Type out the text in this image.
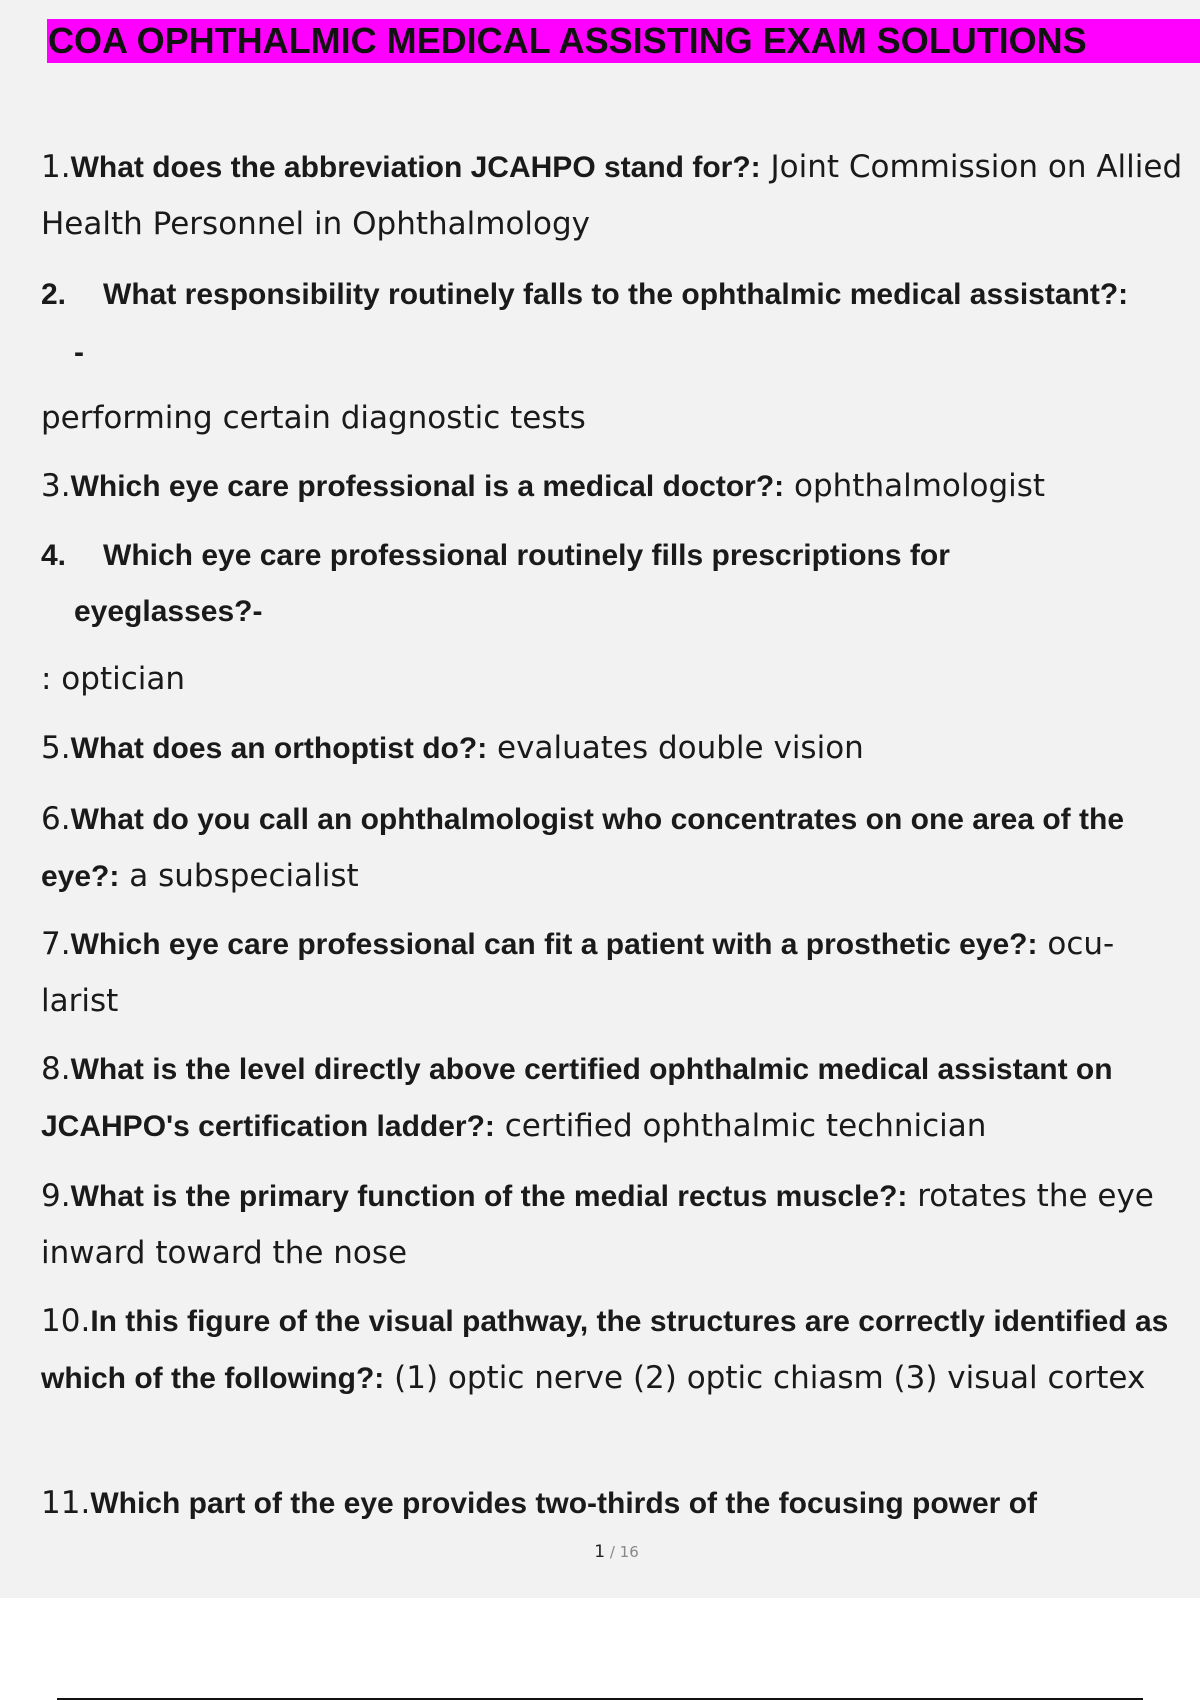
COA OPHTHALMIC MEDICAL ASSISTING EXAM SOLUTIONS

1.What does the abbreviation JCAHPO stand for?: Joint Commission on Allied Health Personnel in Ophthalmology

2. What responsibility routinely falls to the ophthalmic medical assistant?:

-
performing certain diagnostic tests

3.Which eye care professional is a medical doctor?: ophthalmologist

4. Which eye care professional routinely fills prescriptions for

eyeglasses?-
: optician

5.What does an orthoptist do?: evaluates double vision

6.What do you call an ophthalmologist who concentrates on one area of the eye?: a subspecialist

7.Which eye care professional can fit a patient with a prosthetic eye?: ocu- larist

8.What is the level directly above certified ophthalmic medical assistant on JCAHPO's certification ladder?: certified ophthalmic technician

9.What is the primary function of the medial rectus muscle?: rotates the eye inward toward the nose

10.In this figure of the visual pathway, the structures are correctly identified as which of the following?: (1) optic nerve (2) optic chiasm (3) visual cortex

11.Which part of the eye provides two-thirds of the focusing power of

1 / 16
